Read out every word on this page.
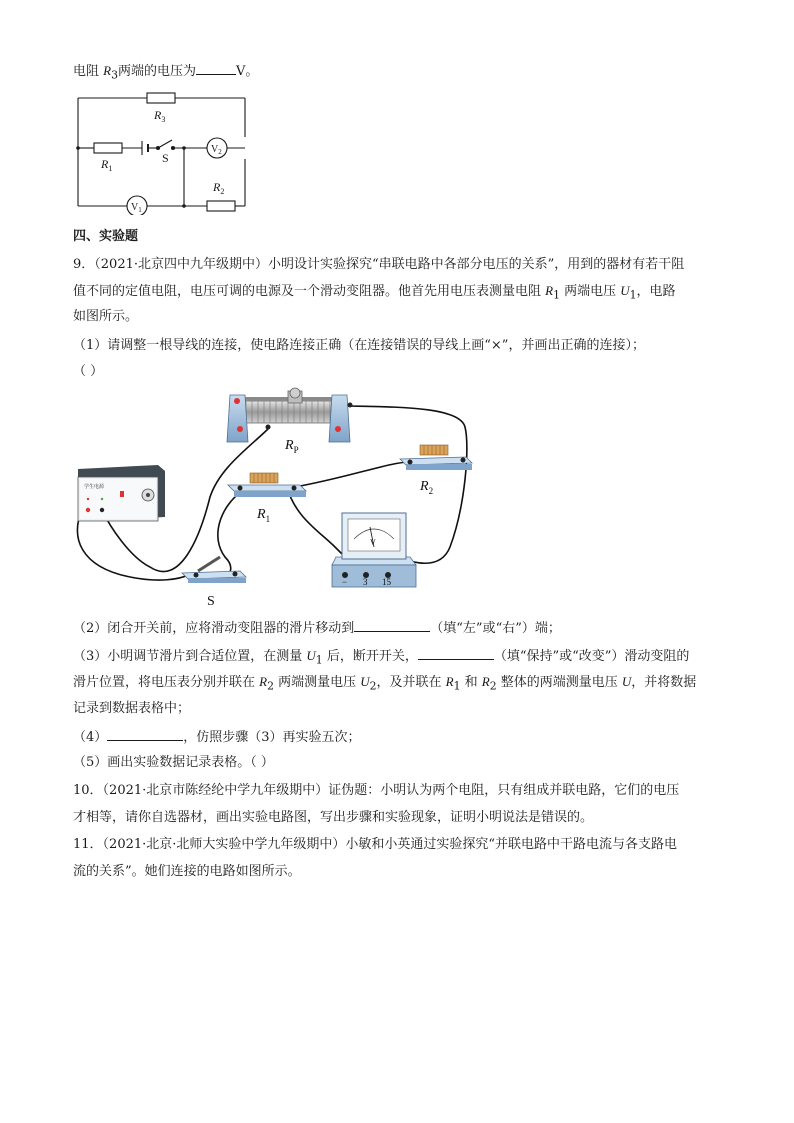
电阻 $R_3$两端的电压为	V。
$R_3$
$R_1$
$R_2$
S
$V_2$
$V_1$
四、实验题
9．（2021·北京四中九年级期中）小明设计实验探究“串联电路中各部分电压的关系”，用到的器材有若干阻
值不同的定值电阻，电压可调的电源及一个滑动变阻器。他首先用电压表测量电阻 $R_1$ 两端电压 $U_1$，电路
如图所示。
（1）请调整一根导线的连接，使电路连接正确（在连接错误的导线上画“×”，并画出正确的连接）；
（ ）
$R_P$
学生电源
$R_1$
$R_2$
V
− 3 15
S
（2）闭合开关前，应将滑动变阻器的滑片移动到	（填“左”或“右”）端；
（3）小明调节滑片到合适位置，在测量 $U_1$ 后，断开开关，	（填“保持”或“改变”）滑动变阻的
滑片位置，将电压表分别并联在 $R_2$ 两端测量电压 $U_2$，及并联在 $R_1$ 和 $R_2$ 整体的两端测量电压 U，并将数据
记录到数据表格中；
（4）	，仿照步骤（3）再实验五次；
（5）画出实验数据记录表格。（ ）
10．（2021·北京市陈经纶中学九年级期中）证伪题：小明认为两个电阻，只有组成并联电路，它们的电压
才相等，请你自选器材，画出实验电路图，写出步骤和实验现象，证明小明说法是错误的。
11．（2021·北京·北师大实验中学九年级期中）小敏和小英通过实验探究“并联电路中干路电流与各支路电
流的关系”。她们连接的电路如图所示。
